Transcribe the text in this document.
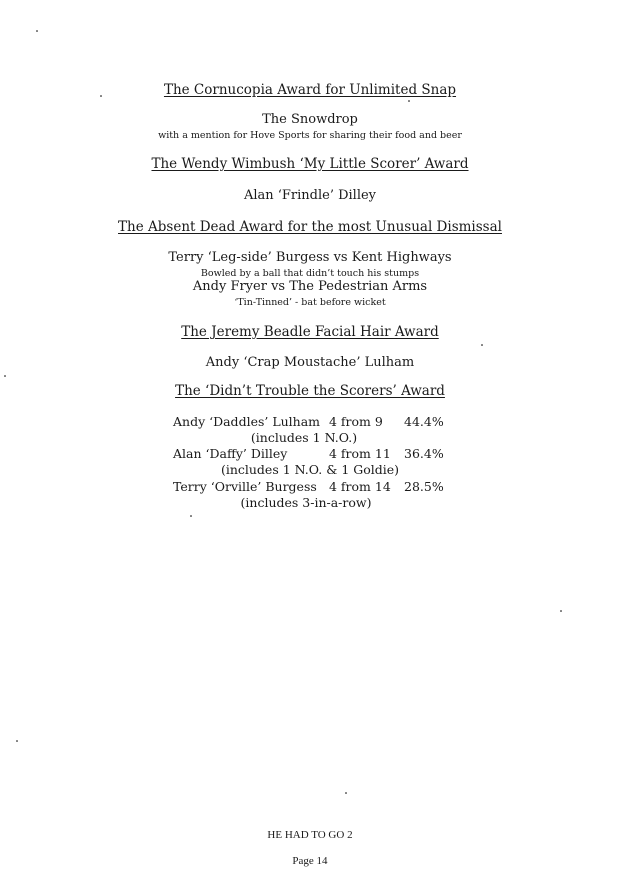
The Cornucopia Award for Unlimited Snap
The Snowdrop
with a mention for Hove Sports for sharing their food and beer
The Wendy Wimbush ‘My Little Scorer’ Award
Alan ‘Frindle’ Dilley
The Absent Dead Award for the most Unusual Dismissal
Terry ‘Leg-side’ Burgess vs Kent Highways
Bowled by a ball that didn’t touch his stumps
Andy Fryer vs The Pedestrian Arms
‘Tin-Tinned’ - bat before wicket
The Jeremy Beadle Facial Hair Award
Andy ‘Crap Moustache’ Lulham
The ‘Didn’t Trouble the Scorers’ Award
Andy ‘Daddles’ Lulham 4 from 9 44.4%
(includes 1 N.O.)
Alan ‘Daffy’ Dilley	4 from 11 36.4%
(includes 1 N.O. & 1 Goldie)
Terry ‘Orville’ Burgess 4 from 14 28.5%
(includes 3-in-a-row)
HE HAD TO GO 2
Page 14
